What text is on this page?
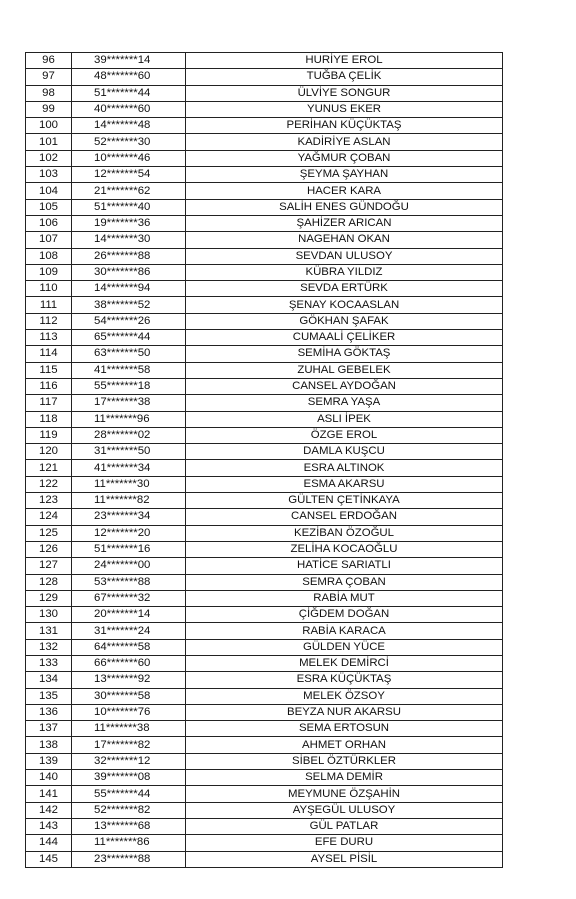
96	39*******14	HURİYE EROL
97	48*******60	TUĞBA ÇELİK
98	51*******44	ÜLVİYE SONGUR
99	40*******60	YUNUS EKER
100	14*******48	PERİHAN KÜÇÜKTAŞ
101	52*******30	KADİRİYE ASLAN
102	10*******46	YAĞMUR ÇOBAN
103	12*******54	ŞEYMA ŞAYHAN
104	21*******62	HACER KARA
105	51*******40	SALİH ENES GÜNDOĞU
106	19*******36	ŞAHİZER ARICAN
107	14*******30	NAGEHAN OKAN
108	26*******88	SEVDAN ULUSOY
109	30*******86	KÜBRA YILDIZ
110	14*******94	SEVDA ERTÜRK
111	38*******52	ŞENAY KOCAASLAN
112	54*******26	GÖKHAN ŞAFAK
113	65*******44	CUMAALİ ÇELİKER
114	63*******50	SEMİHA GÖKTAŞ
115	41*******58	ZUHAL GEBELEK
116	55*******18	CANSEL AYDOĞAN
117	17*******38	SEMRA YAŞA
118	11*******96	ASLI İPEK
119	28*******02	ÖZGE EROL
120	31*******50	DAMLA KUŞCU
121	41*******34	ESRA ALTINOK
122	11*******30	ESMA AKARSU
123	11*******82	GÜLTEN ÇETİNKAYA
124	23*******34	CANSEL ERDOĞAN
125	12*******20	KEZİBAN ÖZOĞUL
126	51*******16	ZELİHA KOCAOĞLU
127	24*******00	HATİCE SARIATLI
128	53*******88	SEMRA ÇOBAN
129	67*******32	RABİA MUT
130	20*******14	ÇİĞDEM DOĞAN
131	31*******24	RABİA KARACA
132	64*******58	GÜLDEN YÜCE
133	66*******60	MELEK DEMİRCİ
134	13*******92	ESRA KÜÇÜKTAŞ
135	30*******58	MELEK ÖZSOY
136	10*******76	BEYZA NUR AKARSU
137	11*******38	SEMA ERTOSUN
138	17*******82	AHMET ORHAN
139	32*******12	SİBEL ÖZTÜRKLER
140	39*******08	SELMA DEMİR
141	55*******44	MEYMUNE ÖZŞAHİN
142	52*******82	AYŞEGÜL ULUSOY
143	13*******68	GÜL PATLAR
144	11*******86	EFE DURU
145	23*******88	AYSEL PİSİL
